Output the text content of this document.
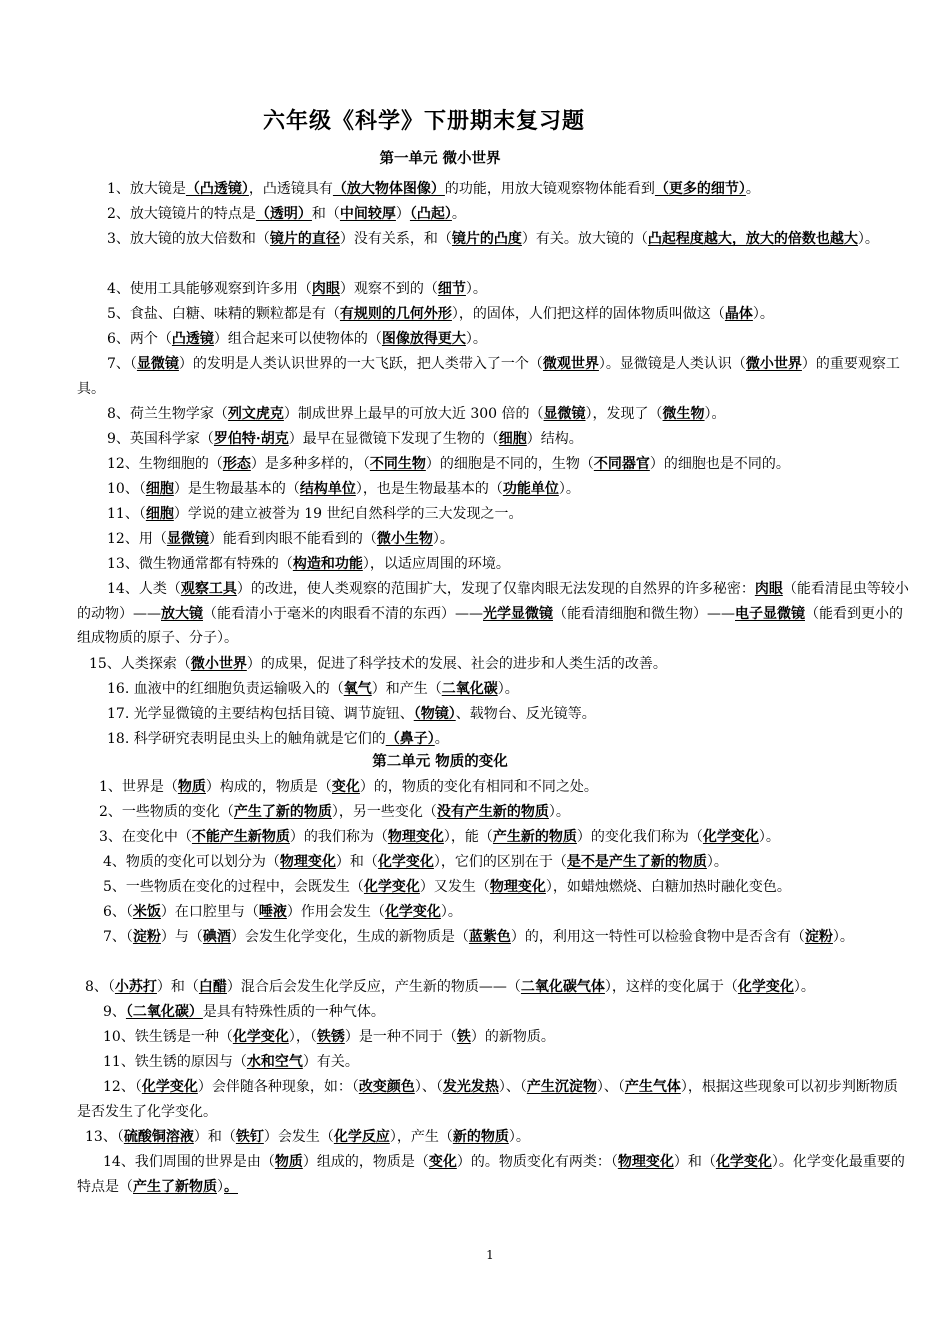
六年级《科学》下册期末复习题
第一单元 微小世界
1、放大镜是（凸透镜），凸透镜具有（放大物体图像）的功能，用放大镜观察物体能看到（更多的细节）。
2、放大镜镜片的特点是（透明）和（中间较厚）（凸起）。
3、放大镜的放大倍数和（镜片的直径）没有关系，和（镜片的凸度）有关。放大镜的（凸起程度越大，放大的倍数也越大）。
4、使用工具能够观察到许多用（肉眼）观察不到的（细节）。
5、食盐、白糖、味精的颗粒都是有（有规则的几何外形），的固体，人们把这样的固体物质叫做这（晶体）。
6、两个（凸透镜）组合起来可以使物体的（图像放得更大）。
7、（显微镜）的发明是人类认识世界的一大飞跃，把人类带入了一个（微观世界）。显微镜是人类认识（微小世界）的重要观察工具。
8、荷兰生物学家（列文虎克）制成世界上最早的可放大近 300 倍的（显微镜），发现了（微生物）。
9、英国科学家（罗伯特·胡克）最早在显微镜下发现了生物的（细胞）结构。
12、生物细胞的（形态）是多种多样的，（不同生物）的细胞是不同的，生物（不同器官）的细胞也是不同的。
10、（细胞）是生物最基本的（结构单位），也是生物最基本的（功能单位）。
11、（细胞）学说的建立被誉为 19 世纪自然科学的三大发现之一。
12、用（显微镜）能看到肉眼不能看到的（微小生物）。
13、微生物通常都有特殊的（构造和功能），以适应周围的环境。
14、人类（观察工具）的改进，使人类观察的范围扩大，发现了仅靠肉眼无法发现的自然界的许多秘密：肉眼（能看清昆虫等较小的动物）——放大镜（能看清小于毫米的肉眼看不清的东西）——光学显微镜（能看清细胞和微生物）——电子显微镜（能看到更小的组成物质的原子、分子）。
15、人类探索（微小世界）的成果，促进了科学技术的发展、社会的进步和人类生活的改善。
16. 血液中的红细胞负责运输吸入的（氧气）和产生（二氧化碳）。
17. 光学显微镜的主要结构包括目镜、调节旋钮、（物镜）、载物台、反光镜等。
18. 科学研究表明昆虫头上的触角就是它们的（鼻子）。
第二单元 物质的变化
1、世界是（物质）构成的，物质是（变化）的，物质的变化有相同和不同之处。
2、一些物质的变化（产生了新的物质），另一些变化（没有产生新的物质）。
3、在变化中（不能产生新物质）的我们称为（物理变化），能（产生新的物质）的变化我们称为（化学变化）。
4、物质的变化可以划分为（物理变化）和（化学变化），它们的区别在于（是不是产生了新的物质）。
5、一些物质在变化的过程中，会既发生（化学变化）又发生（物理变化），如蜡烛燃烧、白糖加热时融化变色。
6、（米饭）在口腔里与（唾液）作用会发生（化学变化）。
7、（淀粉）与（碘酒）会发生化学变化，生成的新物质是（蓝紫色）的，利用这一特性可以检验食物中是否含有（淀粉）。
8、（小苏打）和（白醋）混合后会发生化学反应，产生新的物质——（二氧化碳气体），这样的变化属于（化学变化）。
9、（二氧化碳）是具有特殊性质的一种气体。
10、铁生锈是一种（化学变化），（铁锈）是一种不同于（铁）的新物质。
11、铁生锈的原因与（水和空气）有关。
12、（化学变化）会伴随各种现象，如：（改变颜色）、（发光发热）、（产生沉淀物）、（产生气体），根据这些现象可以初步判断物质是否发生了化学变化。
13、（硫酸铜溶液）和（铁钉）会发生（化学反应），产生（新的物质）。
14、我们周围的世界是由（物质）组成的，物质是（变化）的。物质变化有两类：（物理变化）和（化学变化）。化学变化最重要的特点是（产生了新物质）。
1
